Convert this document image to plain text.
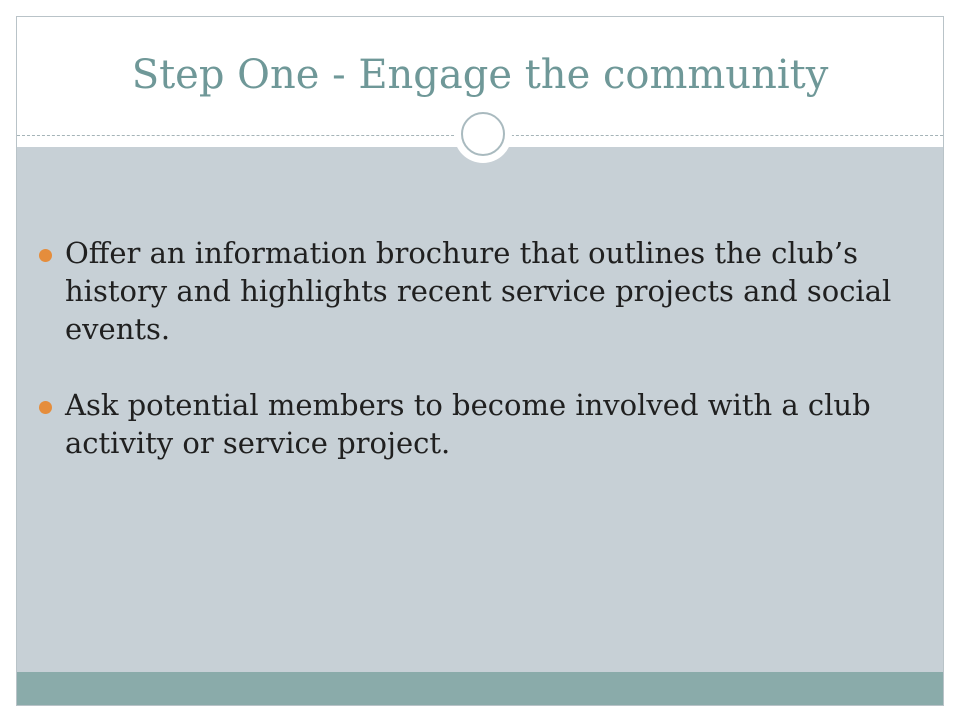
Step One - Engage the community
Offer an information brochure that outlines the club’s history and highlights recent service projects and social events.
Ask potential members to become involved with a club activity or service project.
